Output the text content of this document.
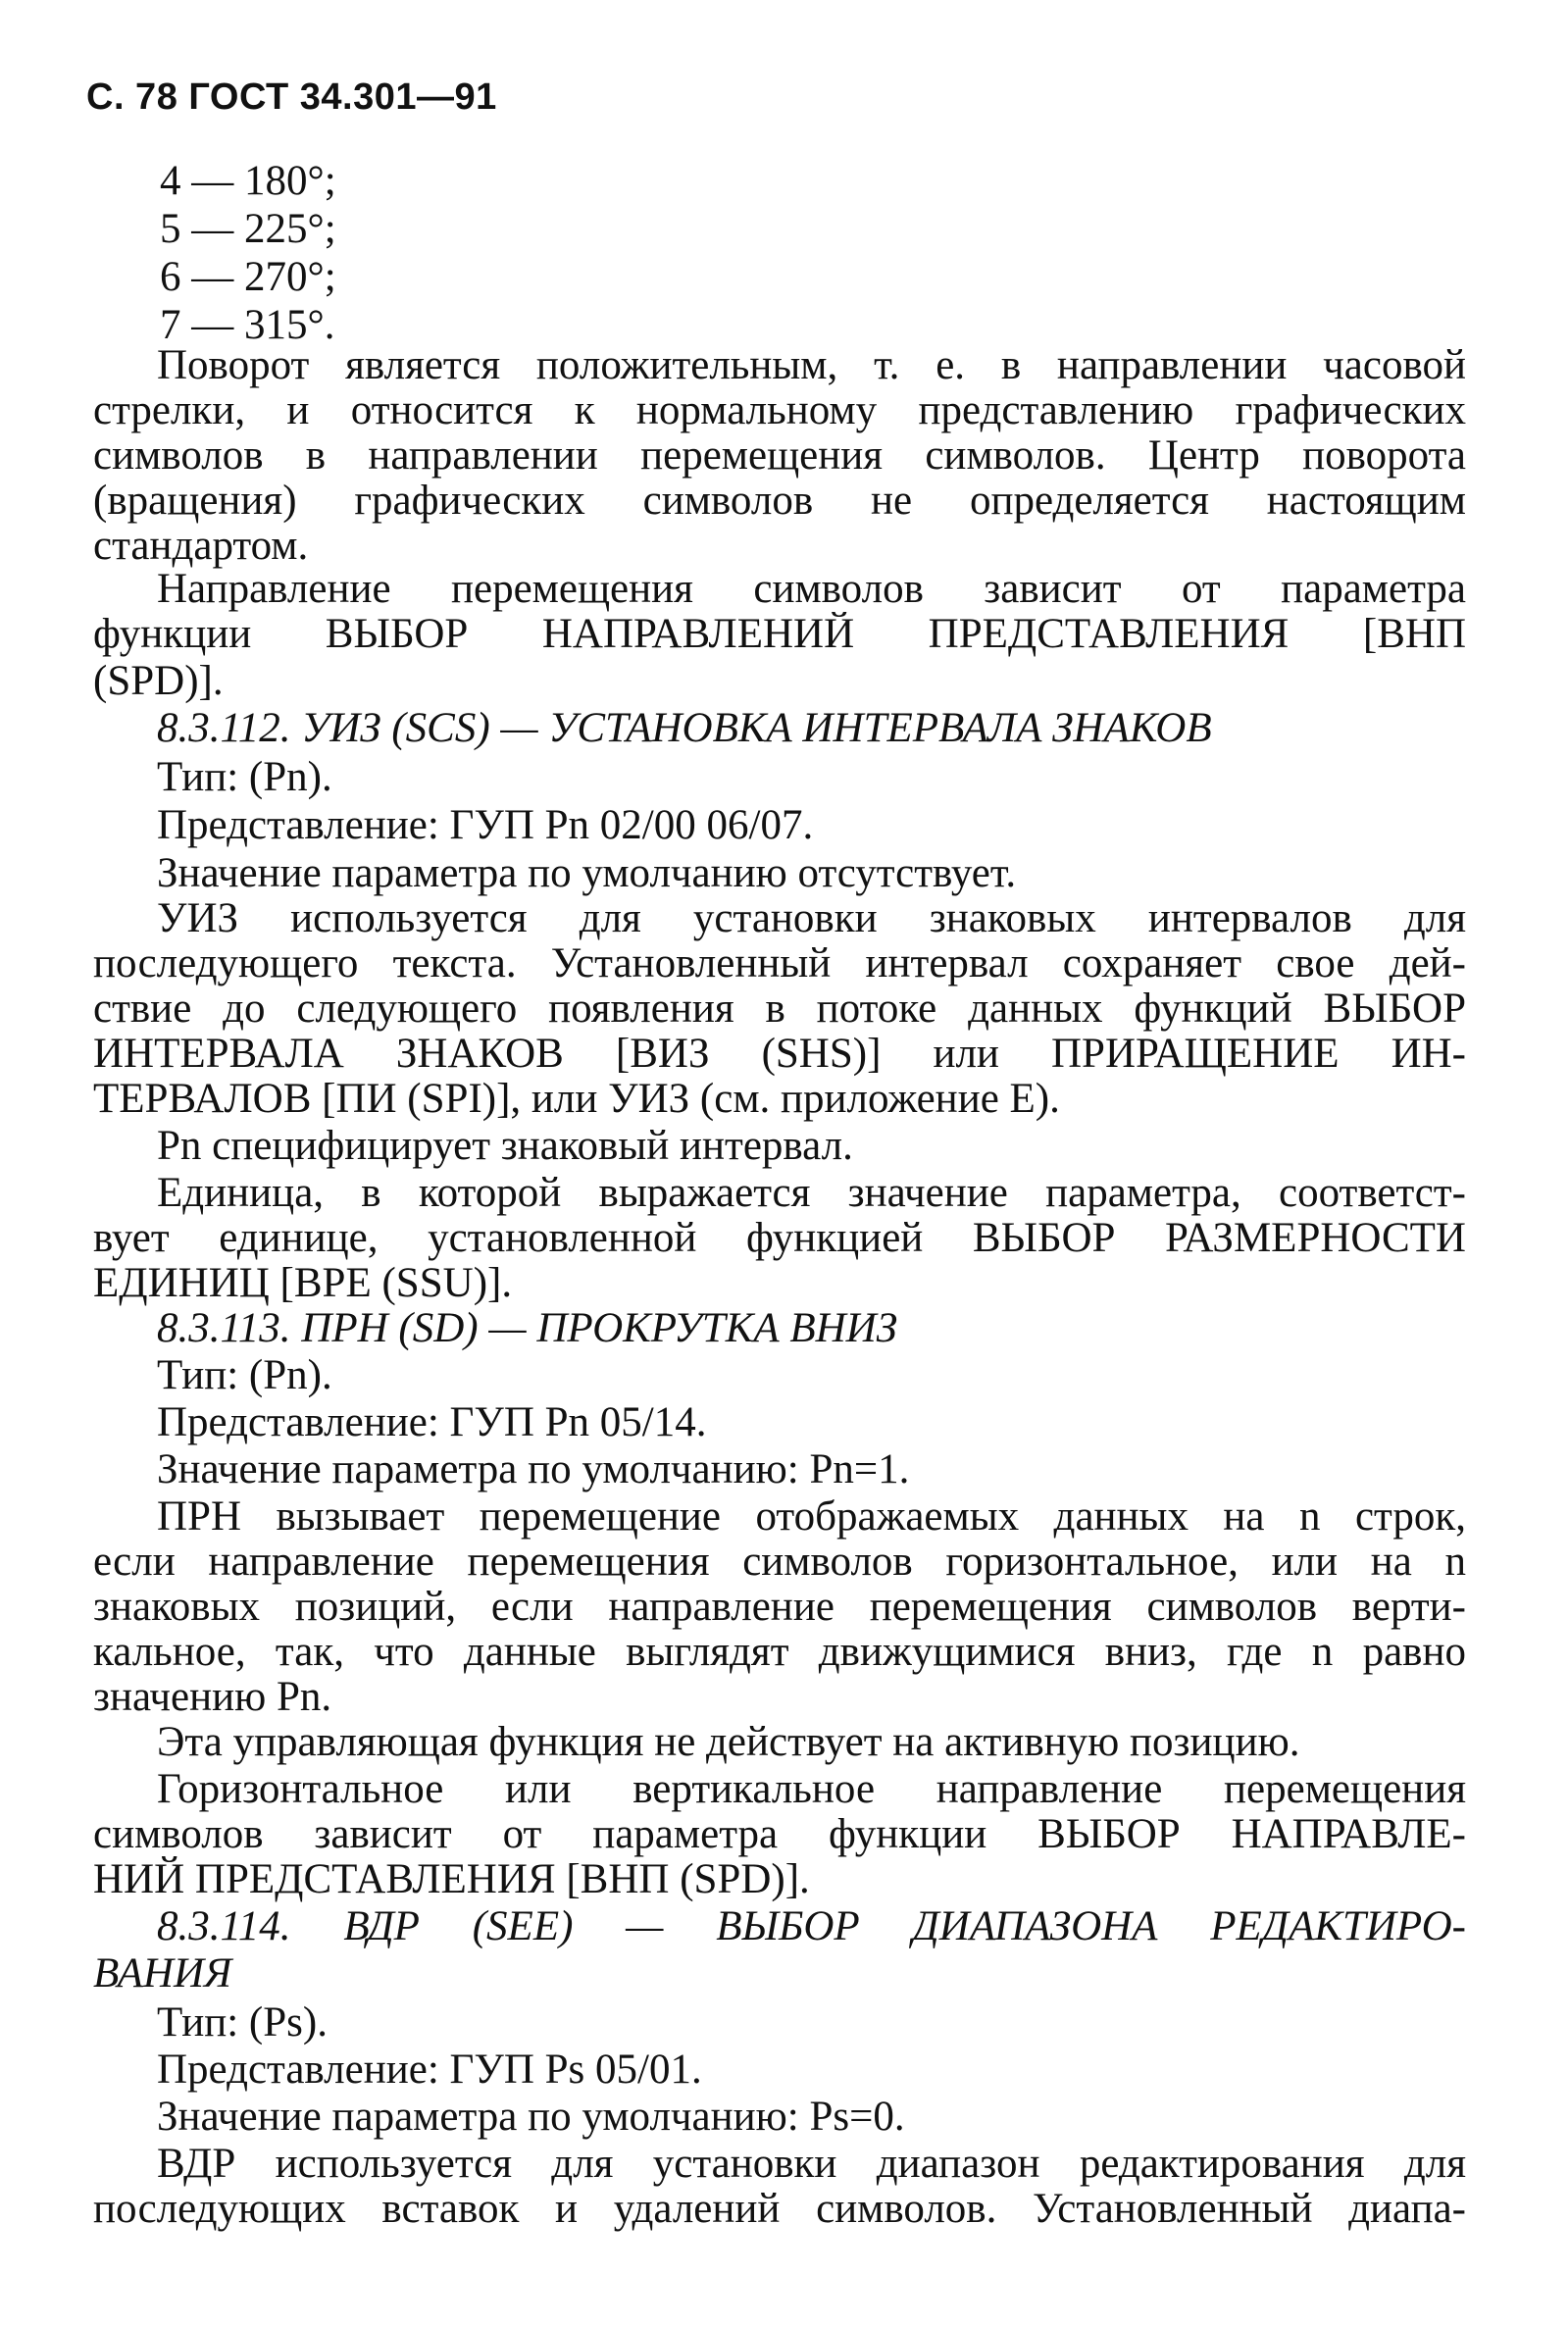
С. 78 ГОСТ 34.301—91
4 — 180°;
5 — 225°;
6 — 270°;
7 — 315°.
Поворот является положительным, т. е. в направлении часовой
стрелки, и относится к нормальному представлению графических
символов в направлении перемещения символов. Центр поворота
(вращения) графических символов не определяется настоящим
стандартом.
Направление перемещения символов зависит от параметра
функции ВЫБОР НАПРАВЛЕНИЙ ПРЕДСТАВЛЕНИЯ [ВНП
(SPD)].
8.3.112. УИЗ (SCS) — УСТАНОВКА ИНТЕРВАЛА ЗНАКОВ
Тип: (Pn).
Представление: ГУП Pn 02/00 06/07.
Значение параметра по умолчанию отсутствует.
УИЗ используется для установки знаковых интервалов для
последующего текста. Установленный интервал сохраняет свое дей-
ствие до следующего появления в потоке данных функций ВЫБОР
ИНТЕРВАЛА ЗНАКОВ [ВИЗ (SHS)] или ПРИРАЩЕНИЕ ИН-
ТЕРВАЛОВ [ПИ (SPI)], или УИЗ (см. приложение Е).
Pn специфицирует знаковый интервал.
Единица, в которой выражается значение параметра, соответст-
вует единице, установленной функцией ВЫБОР РАЗМЕРНОСТИ
ЕДИНИЦ [ВРЕ (SSU)].
8.3.113. ПРН (SD) — ПРОКРУТКА ВНИЗ
Тип: (Pn).
Представление: ГУП Pn 05/14.
Значение параметра по умолчанию: Pn=1.
ПРН вызывает перемещение отображаемых данных на n строк,
если направление перемещения символов горизонтальное, или на n
знаковых позиций, если направление перемещения символов верти-
кальное, так, что данные выглядят движущимися вниз, где n равно
значению Pn.
Эта управляющая функция не действует на активную позицию.
Горизонтальное или вертикальное направление перемещения
символов зависит от параметра функции ВЫБОР НАПРАВЛЕ-
НИЙ ПРЕДСТАВЛЕНИЯ [ВНП (SPD)].
8.3.114. ВДР (SEE) — ВЫБОР ДИАПАЗОНА РЕДАКТИРО-
ВАНИЯ
Тип: (Ps).
Представление: ГУП Ps 05/01.
Значение параметра по умолчанию: Ps=0.
ВДР используется для установки диапазон редактирования для
последующих вставок и удалений символов. Установленный диапа-
